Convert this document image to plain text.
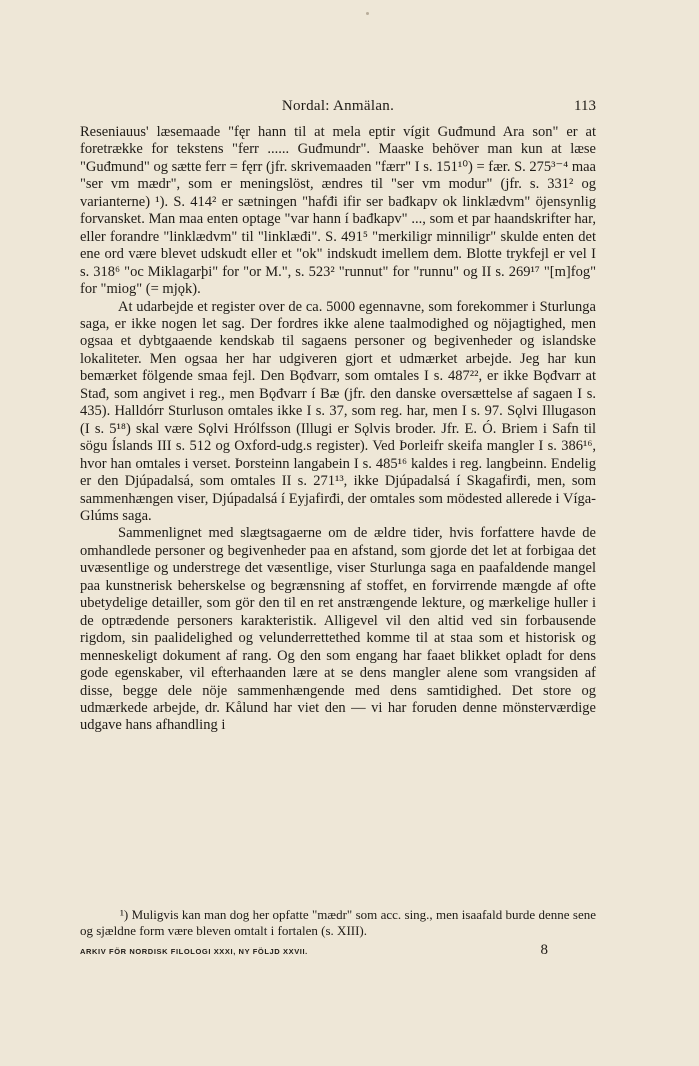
Nordal: Anmälan.	113

Reseniauus' læsemaade "fęr hann til at mela eptir vígit Guđmund Ara son" er at foretrække for tekstens "ferr ...... Guđmundr". Maaske behöver man kun at læse "Guđmund" og sætte ferr = fęrr (jfr. skrivemaaden "færr" I s. 151¹⁰) = fær. S. 275³⁻⁴ maa "ser vm mædr", som er meningslöst, ændres til "ser vm modur" (jfr. s. 331² og varianterne) ¹). S. 414² er sætningen "hafđi ifir ser bađkapv ok linklædvm" öjensynlig forvansket. Man maa enten optage "var hann í bađkapv" ..., som et par haandskrifter har, eller forandre "linklædvm" til "linklæđi". S. 491⁵ "merkiligr minniligr" skulde enten det ene ord være blevet udskudt eller et "ok" indskudt imellem dem. Blotte trykfejl er vel I s. 318⁶ "oc Miklagarþi" for "or M.", s. 523² "runnut" for "runnu" og II s. 269¹⁷ "[m]fog" for "miog" (= mjǫk).

At udarbejde et register over de ca. 5000 egennavne, som forekommer i Sturlunga saga, er ikke nogen let sag. Der fordres ikke alene taalmodighed og nöjagtighed, men ogsaa et dybtgaaende kendskab til sagaens personer og begivenheder og islandske lokaliteter. Men ogsaa her har udgiveren gjort et udmærket arbejde. Jeg har kun bemærket fölgende smaa fejl. Den Bǫđvarr, som omtales I s. 487²², er ikke Bǫđvarr at Stađ, som angivet i reg., men Bǫđvarr í Bæ (jfr. den danske oversættelse af sagaen I s. 435). Halldórr Sturluson omtales ikke I s. 37, som reg. har, men I s. 97. Sǫlvi Illugason (I s. 5¹⁸) skal være Sǫlvi Hrólfsson (Illugi er Sǫlvis broder. Jfr. E. Ó. Briem i Safn til sögu Íslands III s. 512 og Oxford-udg.s register). Ved Þorleifr skeifa mangler I s. 386¹⁶, hvor han omtales i verset. Þorsteinn langabein I s. 485¹⁶ kaldes i reg. langbeinn. Endelig er den Djúpadalsá, som omtales II s. 271¹³, ikke Djúpadalsá í Skagafirđi, men, som sammenhængen viser, Djúpadalsá í Eyjafirđi, der omtales som mödested allerede i Víga-Glúms saga.

Sammenlignet med slægtsagaerne om de ældre tider, hvis forfattere havde de omhandlede personer og begivenheder paa en afstand, som gjorde det let at forbigaa det uvæsentlige og understrege det væsentlige, viser Sturlunga saga en paafaldende mangel paa kunstnerisk beherskelse og begrænsning af stoffet, en forvirrende mængde af ofte ubetydelige detailler, som gör den til en ret anstrængende lekture, og mærkelige huller i de optrædende personers karakteristik. Alligevel vil den altid ved sin forbausende rigdom, sin paalidelighed og velunderrettethed komme til at staa som et historisk og menneskeligt dokument af rang. Og den som engang har faaet blikket opladt for dens gode egenskaber, vil efterhaanden lære at se dens mangler alene som vrangsiden af disse, begge dele nöje sammenhængende med dens samtidighed. Det store og udmærkede arbejde, dr. Kålund har viet den — vi har foruden denne mönsterværdige udgave hans afhandling i

¹) Muligvis kan man dog her opfatte "mædr" som acc. sing., men isaafald burde denne sene og sjældne form være bleven omtalt i fortalen (s. XIII).
ARKIV FÖR NORDISK FILOLOGI XXXI, NY FÖLJD XXVII.	8
